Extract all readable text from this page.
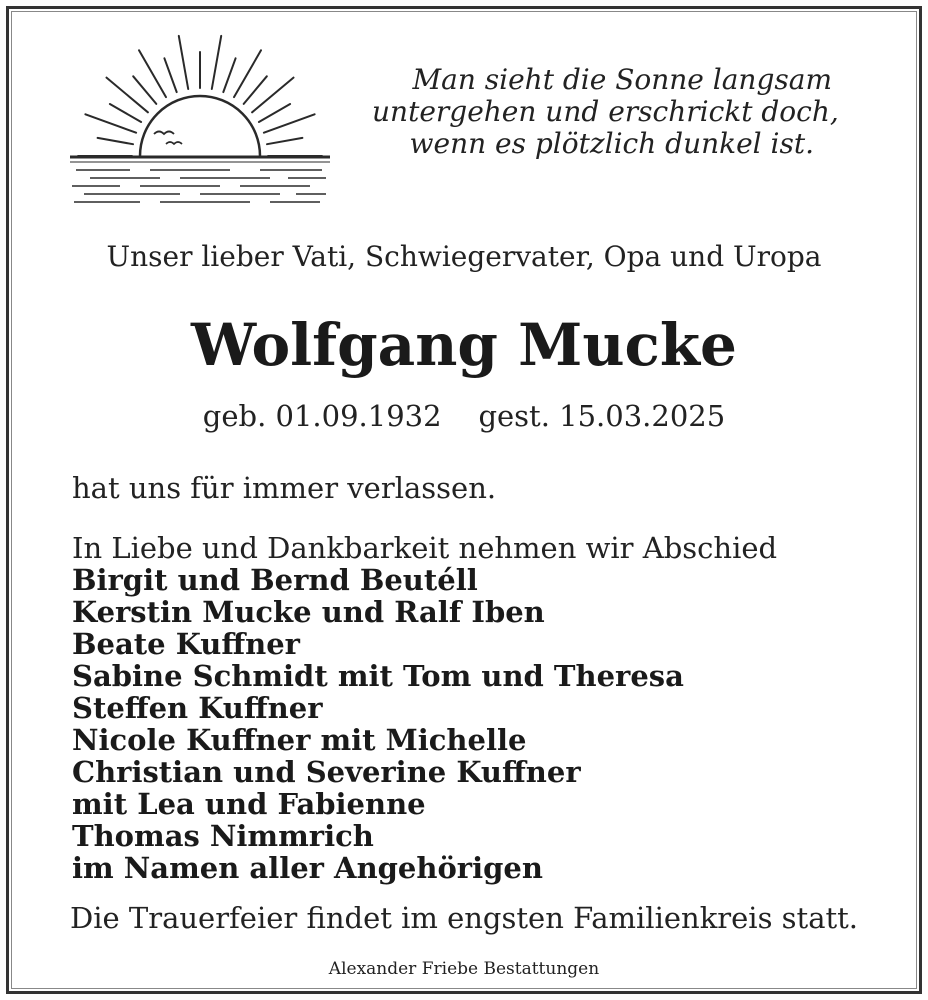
Man sieht die Sonne langsam
untergehen und erschrickt doch,
wenn es plötzlich dunkel ist.
Unser lieber Vati, Schwiegervater, Opa und Uropa
Wolfgang Mucke
geb. 01.09.1932    gest. 15.03.2025
hat uns für immer verlassen.
In Liebe und Dankbarkeit nehmen wir Abschied
Birgit und Bernd Beutéll
Kerstin Mucke und Ralf Iben
Beate Kuffner
Sabine Schmidt mit Tom und Theresa
Steffen Kuffner
Nicole Kuffner mit Michelle
Christian und Severine Kuffner
mit Lea und Fabienne
Thomas Nimmrich
im Namen aller Angehörigen
Die Trauerfeier findet im engsten Familienkreis statt.
Alexander Friebe Bestattungen
